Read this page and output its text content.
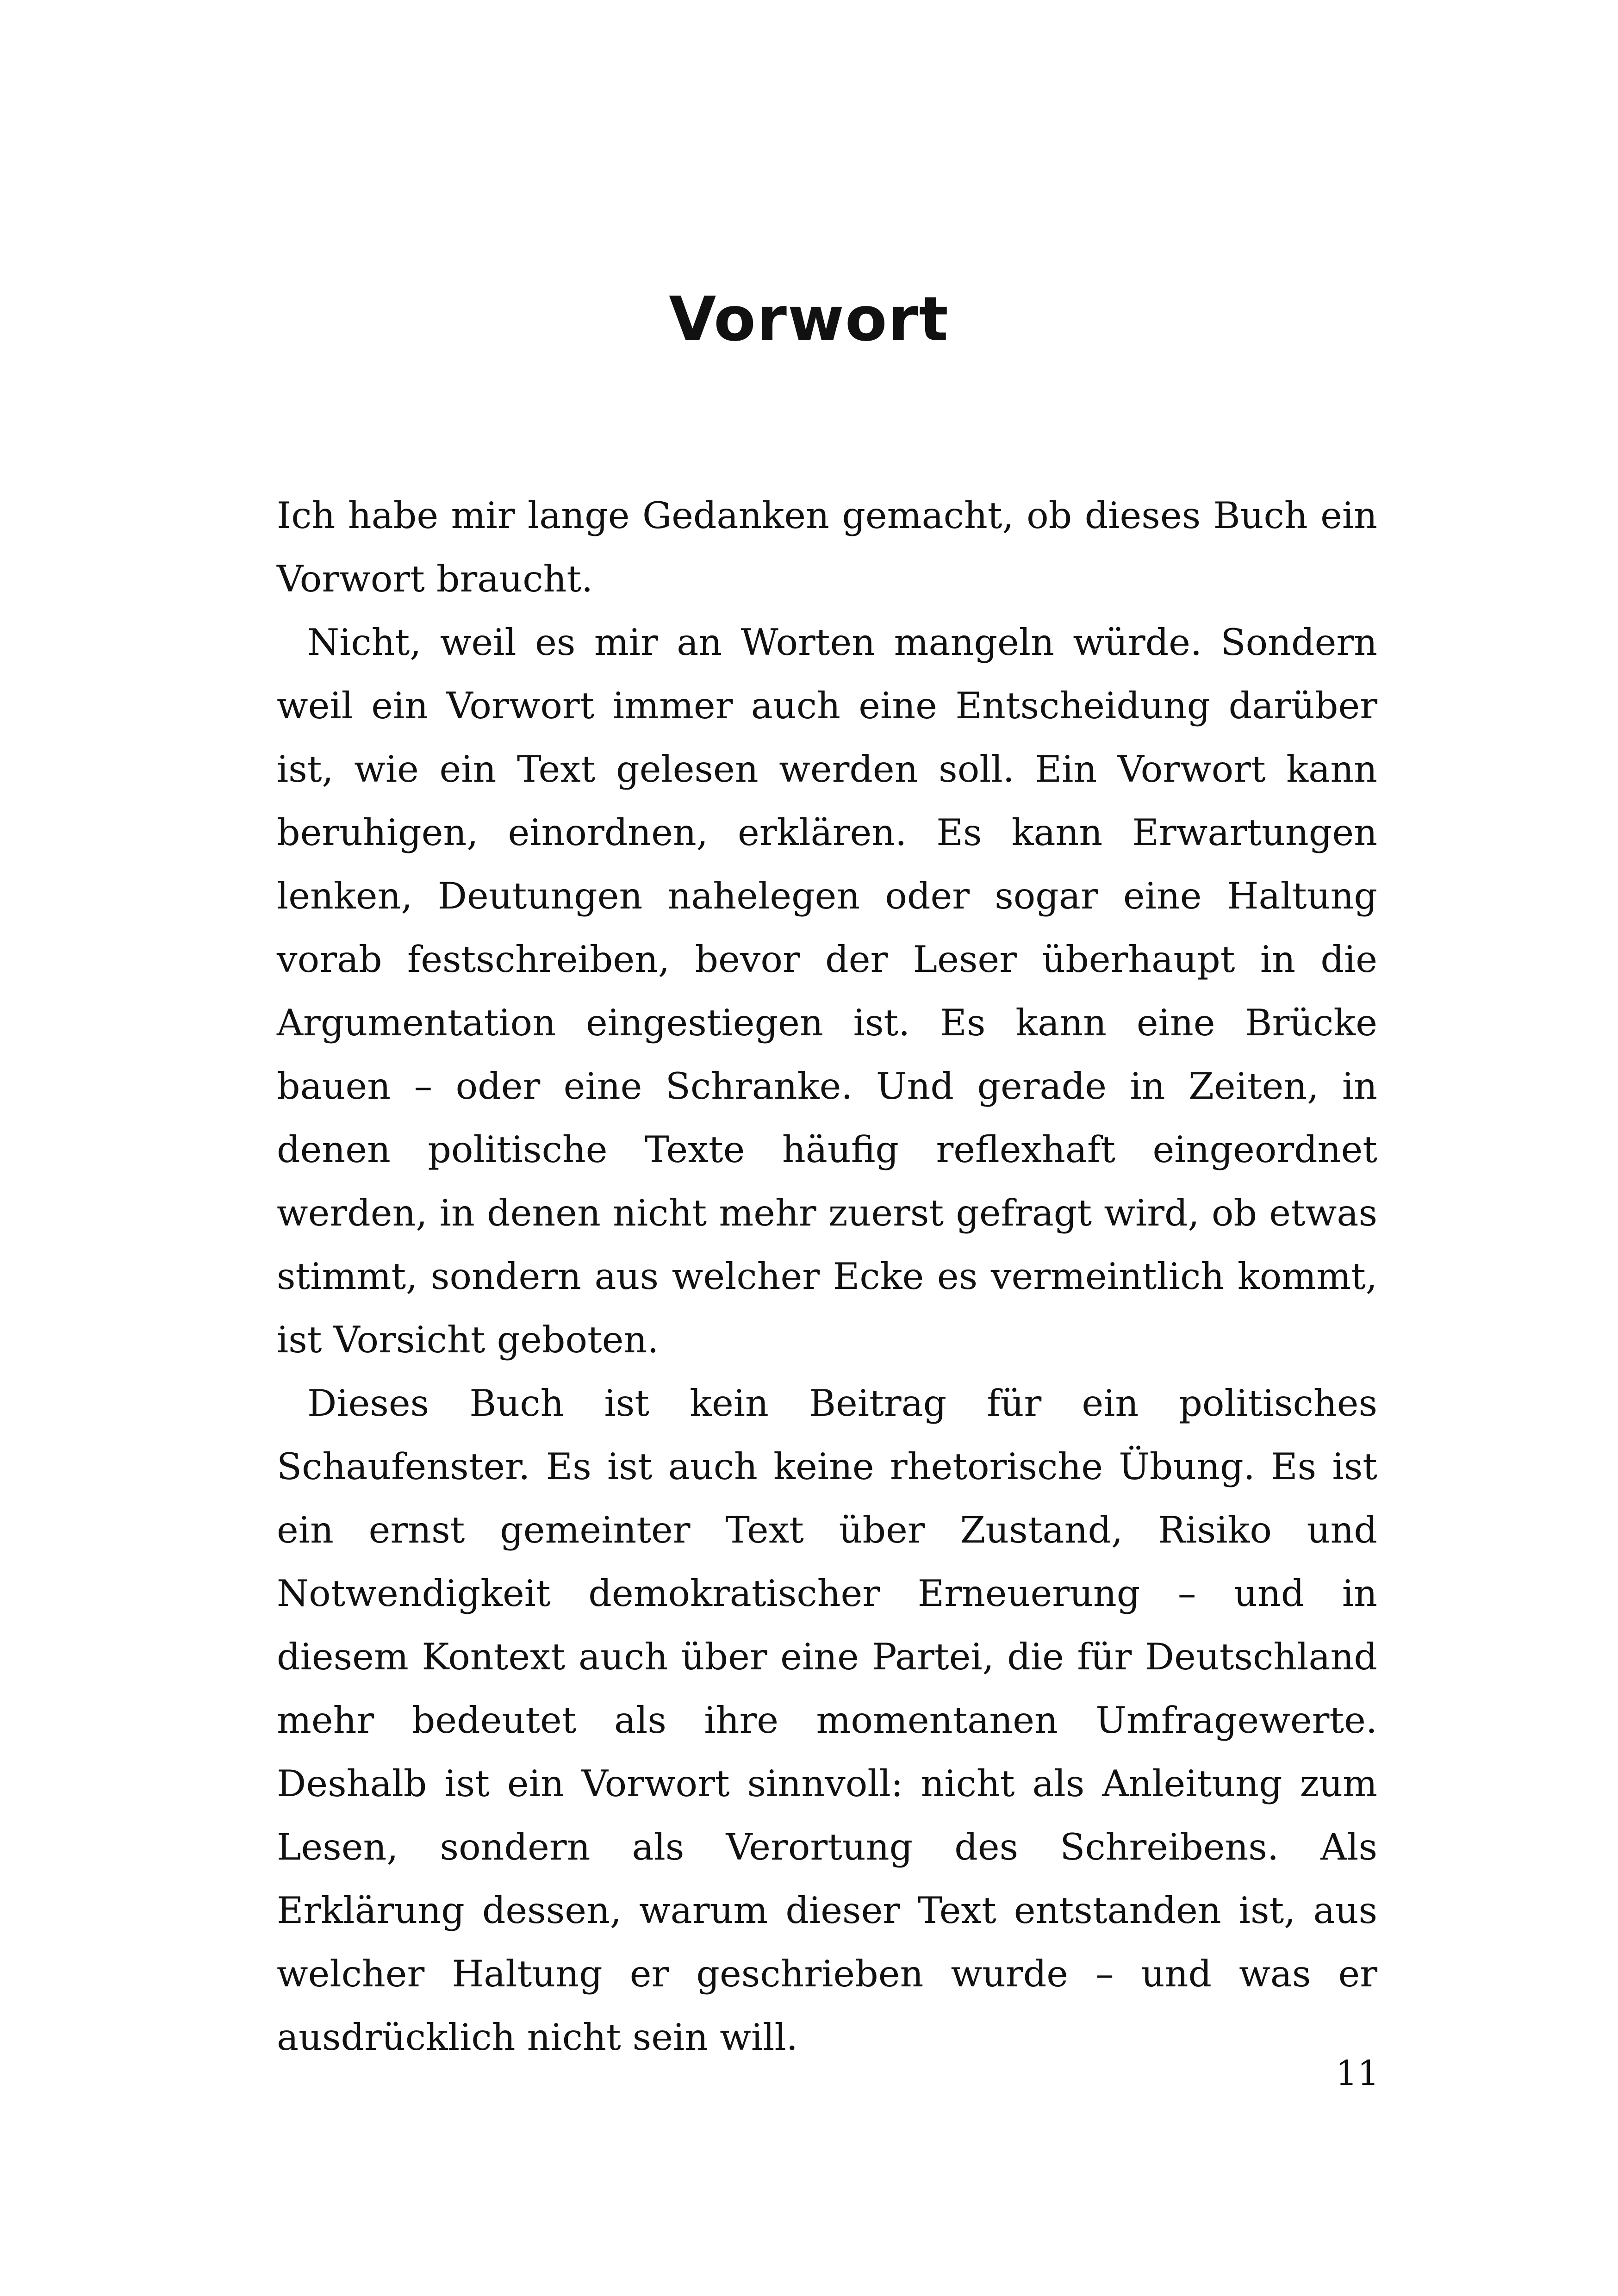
Vorwort

Ich habe mir lange Gedanken gemacht, ob dieses Buch ein Vorwort braucht.

Nicht, weil es mir an Worten mangeln würde. Sondern weil ein Vorwort immer auch eine Entscheidung darüber ist, wie ein Text gelesen werden soll. Ein Vorwort kann beruhigen, einordnen, erklären. Es kann Erwartungen lenken, Deutungen nahelegen oder sogar eine Haltung vorab festschreiben, bevor der Leser überhaupt in die Argumentation eingestiegen ist. Es kann eine Brücke bauen – oder eine Schranke. Und gerade in Zeiten, in denen politische Texte häufig reflexhaft eingeordnet werden, in denen nicht mehr zuerst gefragt wird, ob etwas stimmt, sondern aus welcher Ecke es vermeintlich kommt, ist Vorsicht geboten.

Dieses Buch ist kein Beitrag für ein politisches Schaufenster. Es ist auch keine rhetorische Übung. Es ist ein ernst gemeinter Text über Zustand, Risiko und Notwendigkeit demokratischer Erneuerung – und in diesem Kontext auch über eine Partei, die für Deutschland mehr bedeutet als ihre momentanen Umfragewerte. Deshalb ist ein Vorwort sinnvoll: nicht als Anleitung zum Lesen, sondern als Verortung des Schreibens. Als Erklärung dessen, warum dieser Text entstanden ist, aus welcher Haltung er geschrieben wurde – und was er ausdrücklich nicht sein will.

11
